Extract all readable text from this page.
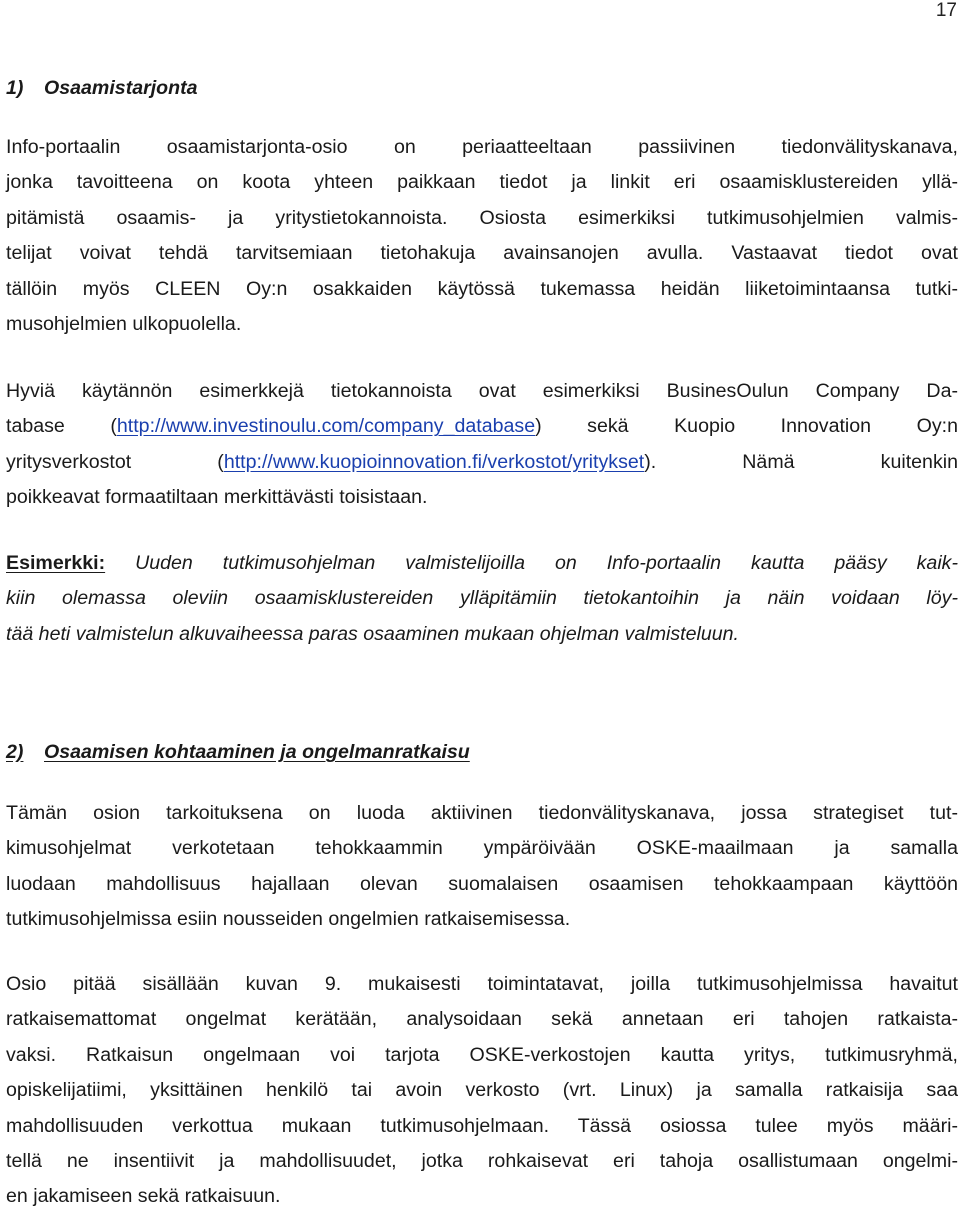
17
1) Osaamistarjonta
Info-portaalin osaamistarjonta-osio on periaatteeltaan passiivinen tiedonvälityskanava,
jonka tavoitteena on koota yhteen paikkaan tiedot ja linkit eri osaamisklustereiden yllä-
pitämistä osaamis- ja yritystietokannoista. Osiosta esimerkiksi tutkimusohjelmien valmis-
telijat voivat tehdä tarvitsemiaan tietohakuja avainsanojen avulla. Vastaavat tiedot ovat
tällöin myös CLEEN Oy:n osakkaiden käytössä tukemassa heidän liiketoimintaansa tutki-
musohjelmien ulkopuolella.
Hyviä käytännön esimerkkejä tietokannoista ovat esimerkiksi BusinesOulun Company Da-
tabase (http://www.investinoulu.com/company_database) sekä Kuopio Innovation Oy:n
yritysverkostot (http://www.kuopioinnovation.fi/verkostot/yritykset). Nämä kuitenkin
poikkeavat formaatiltaan merkittävästi toisistaan.
Esimerkki: Uuden tutkimusohjelman valmistelijoilla on Info-portaalin kautta pääsy kaik-
kiin olemassa oleviin osaamisklustereiden ylläpitämiin tietokantoihin ja näin voidaan löy-
tää heti valmistelun alkuvaiheessa paras osaaminen mukaan ohjelman valmisteluun.
2) Osaamisen kohtaaminen ja ongelmanratkaisu
Tämän osion tarkoituksena on luoda aktiivinen tiedonvälityskanava, jossa strategiset tut-
kimusohjelmat verkotetaan tehokkaammin ympäröivään OSKE-maailmaan ja samalla
luodaan mahdollisuus hajallaan olevan suomalaisen osaamisen tehokkaampaan käyttöön
tutkimusohjelmissa esiin nousseiden ongelmien ratkaisemisessa.
Osio pitää sisällään kuvan 9. mukaisesti toimintatavat, joilla tutkimusohjelmissa havaitut
ratkaisemattomat ongelmat kerätään, analysoidaan sekä annetaan eri tahojen ratkaista-
vaksi. Ratkaisun ongelmaan voi tarjota OSKE-verkostojen kautta yritys, tutkimusryhmä,
opiskelijatiimi, yksittäinen henkilö tai avoin verkosto (vrt. Linux) ja samalla ratkaisija saa
mahdollisuuden verkottua mukaan tutkimusohjelmaan. Tässä osiossa tulee myös määri-
tellä ne insentiivit ja mahdollisuudet, jotka rohkaisevat eri tahoja osallistumaan ongelmi-
en jakamiseen sekä ratkaisuun.
